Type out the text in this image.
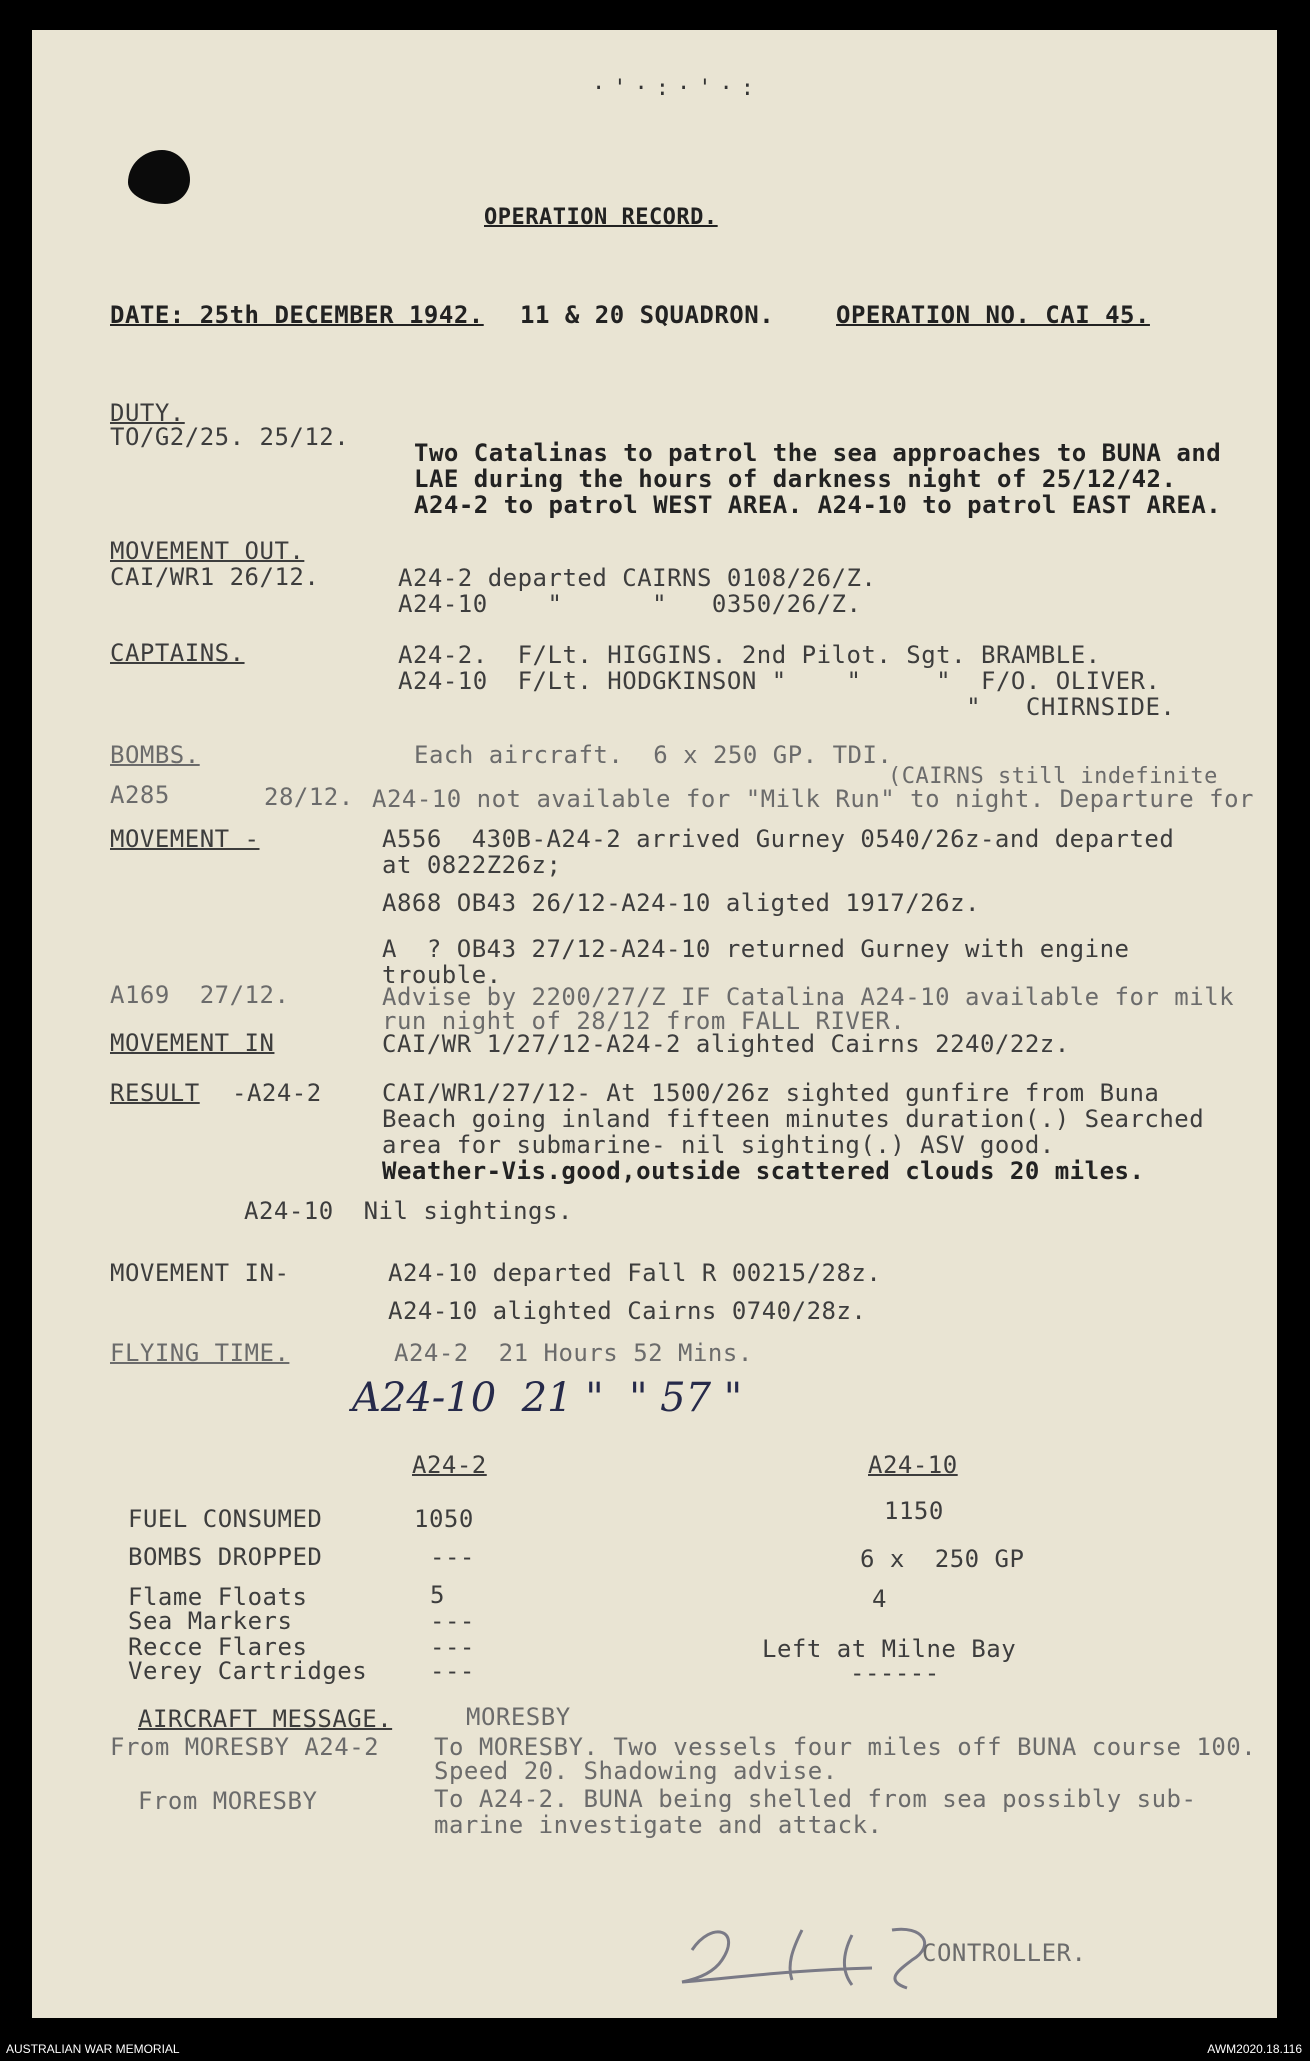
·'·:·'·:
OPERATION RECORD.
DATE: 25th DECEMBER 1942. 11 & 20 SQUADRON.	OPERATION NO. CAI 45.
DUTY.
TO/G2/25. 25/12.
Two Catalinas to patrol the sea approaches to BUNA and
LAE during the hours of darkness night of 25/12/42.
A24-2 to patrol WEST AREA. A24-10 to patrol EAST AREA.
MOVEMENT OUT.
CAI/WR1 26/12.	A24-2 departed CAIRNS 0108/26/Z.
A24-10    "      "   0350/26/Z.
CAPTAINS.	A24-2.  F/Lt. HIGGINS. 2nd Pilot. Sgt. BRAMBLE.
A24-10  F/Lt. HODGKINSON "    "     "  F/O. OLIVER.
"   CHIRNSIDE.
BOMBS.	Each aircraft.  6 x 250 GP. TDI.
(CAIRNS still indefinite
A285	28/12. A24-10 not available for "Milk Run" to night. Departure for
MOVEMENT -	A556  430B-A24-2 arrived Gurney 0540/26z-and departed
at 0822Z26z;
A868 OB43 26/12-A24-10 aligted 1917/26z.
A  ? OB43 27/12-A24-10 returned Gurney with engine
trouble.
A169  27/12.	Advise by 2200/27/Z IF Catalina A24-10 available for milk
run night of 28/12 from FALL RIVER.
MOVEMENT IN	CAI/WR 1/27/12-A24-2 alighted Cairns 2240/22z.
RESULT -A24-2	CAI/WR1/27/12- At 1500/26z sighted gunfire from Buna
Beach going inland fifteen minutes duration(.) Searched
area for submarine- nil sighting(.) ASV good.
Weather-Vis.good,outside scattered clouds 20 miles.
A24-10  Nil sightings.
MOVEMENT IN-	A24-10 departed Fall R 00215/28z.
A24-10 alighted Cairns 0740/28z.
FLYING TIME.	A24-2  21 Hours 52 Mins.
A24-10  21 "  " 57 "
A24-2	A24-10
FUEL CONSUMED	1050	1150
BOMBS DROPPED	---	6 x  250 GP
Flame Floats	5	4
Sea Markers	---
Recce Flares	---	Left at Milne Bay
Verey Cartridges	---	------
AIRCRAFT MESSAGE.	MORESBY
From MORESBY A24-2 To MORESBY. Two vessels four miles off BUNA course 100.
Speed 20. Shadowing advise.
From MORESBY	To A24-2. BUNA being shelled from sea possibly sub-
marine investigate and attack.
CONTROLLER.
AUSTRALIAN WAR MEMORIAL	AWM2020.18.116
